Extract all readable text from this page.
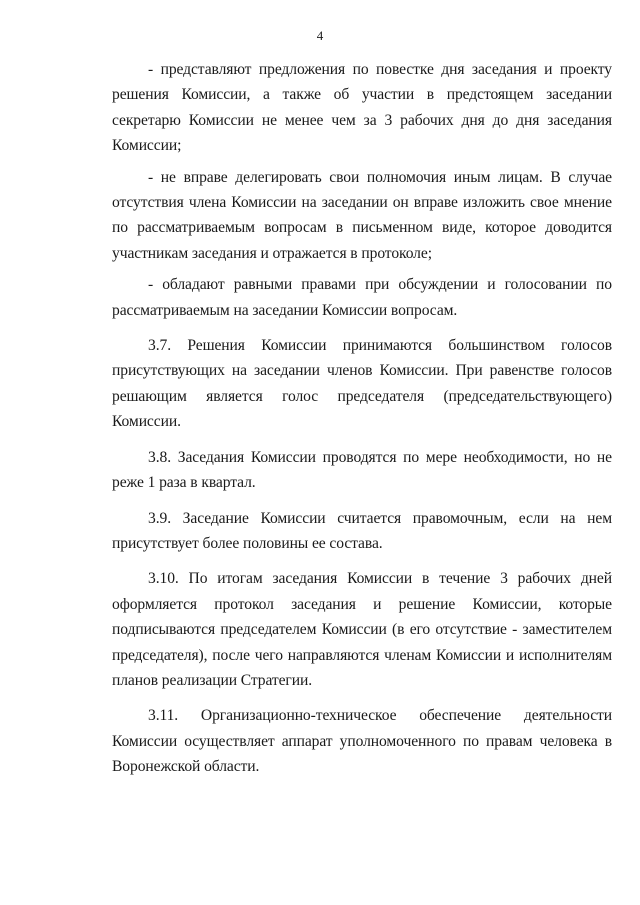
4

- представляют предложения по повестке дня заседания и проекту решения Комиссии, а также об участии в предстоящем заседании секретарю Комиссии не менее чем за 3 рабочих дня до дня заседания Комиссии;

- не вправе делегировать свои полномочия иным лицам. В случае отсутствия члена Комиссии на заседании он вправе изложить свое мнение по рассматриваемым вопросам в письменном виде, которое доводится участникам заседания и отражается в протоколе;

- обладают равными правами при обсуждении и голосовании по рассматриваемым на заседании Комиссии вопросам.

3.7. Решения Комиссии принимаются большинством голосов присутствующих на заседании членов Комиссии. При равенстве голосов решающим является голос председателя (председательствующего) Комиссии.

3.8. Заседания Комиссии проводятся по мере необходимости, но не реже 1 раза в квартал.

3.9. Заседание Комиссии считается правомочным, если на нем присутствует более половины ее состава.

3.10. По итогам заседания Комиссии в течение 3 рабочих дней оформляется протокол заседания и решение Комиссии, которые подписываются председателем Комиссии (в его отсутствие - заместителем председателя), после чего направляются членам Комиссии и исполнителям планов реализации Стратегии.

3.11. Организационно-техническое обеспечение деятельности Комиссии осуществляет аппарат уполномоченного по правам человека в Воронежской области.
